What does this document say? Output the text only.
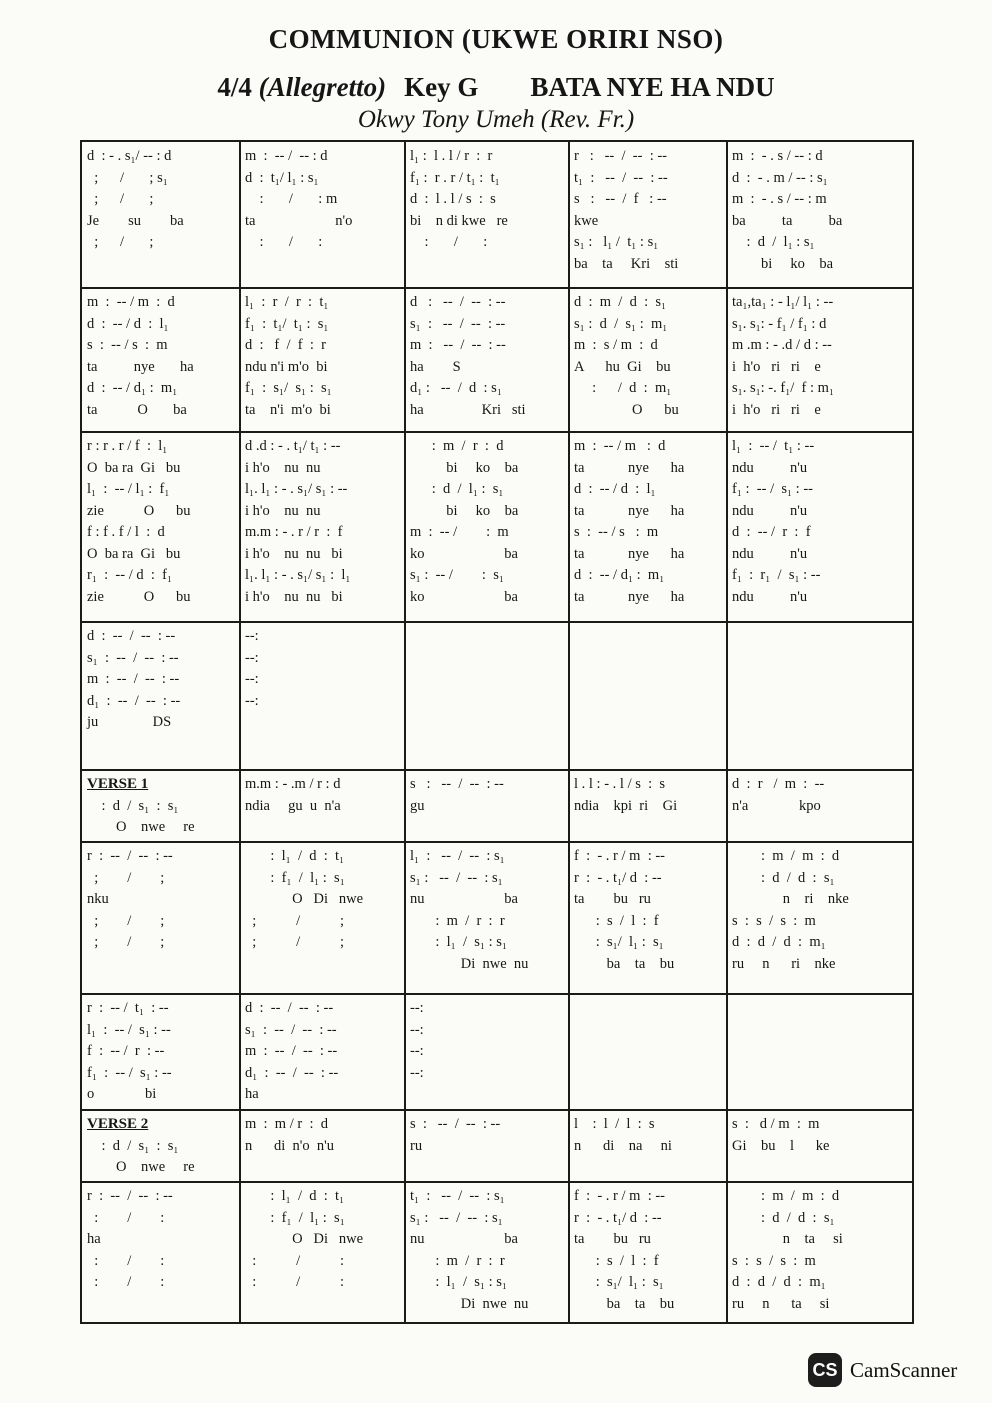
COMMUNION (UKWE ORIRI NSO)
4/4 (Allegretto) Key G BATA NYE HA NDU
Okwy Tony Umeh (Rev. Fr.)
d  : - . s₁/ -- : d
;      /       ; s₁
;      /       ;
Je        su        ba
;      /       ;
m  :  -- /  -- : d
d  :  t₁/ l₁ : s₁
:       /       : m
ta                      n'o
:       /       :
l₁ :  l . l / r  :  r
f₁ :  r . r / t₁ :  t₁
d  :  l . l / s  :  s
bi    n di kwe   re
:       /       :
r   :   --  /  --  : --
t₁  :   --  /  --  : --
s   :   --  /  f   : --
kwe
s₁ :   l₁ /  t₁ : s₁
ba    ta     Kri    sti
m  :  - . s / -- : d
d  :  - . m / -- : s₁
m  :  - . s / -- : m
ba          ta          ba
:  d  /  l₁ : s₁
bi     ko    ba
m  :  -- / m  :  d
d  :  -- / d  :  l₁
s  :  -- / s  :  m
ta          nye       ha
d  :  -- / d₁ :  m₁
ta           O       ba
l₁  :  r  /  r  :  t₁
f₁  :  t₁/  t₁ :  s₁
d  :   f  /  f  :  r
ndu n'i m'o  bi
f₁  :  s₁/  s₁ :  s₁
ta    n'i  m'o  bi
d   :   --  /  --  : --
s₁  :   --  /  --  : --
m  :   --  /  --  : --
ha        S
d₁ :   --  /  d  : s₁
ha                Kri   sti
d  :  m  /  d  :  s₁
s₁ :  d  /  s₁ :  m₁
m  :  s / m  :  d
A      hu  Gi    bu
:      /  d  :  m₁
O      bu
ta₁,ta₁ : - l₁/ l₁ : --
s₁. s₁: - f₁ / f₁ : d
m .m : - .d / d : --
i  h'o   ri   ri    e
s₁. s₁: -. f₁/  f : m₁
i  h'o   ri   ri    e
r : r . r / f  :  l₁
O  ba ra  Gi   bu
l₁  :  -- / l₁ :  f₁
zie           O      bu
f : f . f / l  :  d
O  ba ra  Gi   bu
r₁  :  -- / d  :  f₁
zie           O      bu
d .d : - . t₁/ t₁ : --
i h'o    nu  nu
l₁. l₁ : - . s₁/ s₁ : --
i h'o    nu  nu
m.m : - . r / r  :  f
i h'o    nu  nu   bi
l₁. l₁ : - . s₁/ s₁ :  l₁
i h'o    nu  nu   bi
:  m  /  r  :  d
bi     ko    ba
:  d  /  l₁ :  s₁
bi     ko    ba
m  :  -- /        :  m
ko                      ba
s₁ :  -- /        :  s₁
ko                      ba
m  :  -- / m   :  d
ta            nye      ha
d  :  -- / d  :  l₁
ta            nye      ha
s  :  -- / s   :  m
ta            nye      ha
d  :  -- / d₁ :  m₁
ta            nye      ha
l₁  :  -- /  t₁ : --
ndu          n'u
f₁ :  -- /  s₁ : --
ndu          n'u
d  :  -- /  r  :  f
ndu          n'u
f₁  :  r₁  /  s₁ : --
ndu          n'u
d  :  --  /  --  : --
s₁  :  --  /  --  : --
m  :  --  /  --  : --
d₁  :  --  /  --  : --
ju               DS
--:
--:
--:
--:
VERSE 1
:  d  /  s₁  :  s₁
O    nwe     re
m.m : - .m / r : d
ndia     gu  u  n'a
s   :   --  /  --  : --
gu
l . l : - . l / s  :  s
ndia    kpi  ri    Gi
d  :  r   /  m  :  --
n'a              kpo
r  :  --  /  --  : --
;        /        ;
nku
;        /        ;
;        /        ;
:  l₁  /  d  :  t₁
:  f₁  /  l₁ :  s₁
O   Di   nwe
;           /           ;
;           /           ;
l₁  :   --  /  --  : s₁
s₁ :   --  /  --  : s₁
nu                      ba
:  m  /  r  :  r
:  l₁  /  s₁ : s₁
Di  nwe  nu
f  :  - . r / m  : --
r  :  - . t₁/ d  : --
ta        bu   ru
:  s  /  l  :  f
:  s₁/  l₁ :  s₁
ba    ta    bu
:  m  /  m  :  d
:  d  /  d  :  s₁
n    ri    nke
s  :  s  /  s  :  m
d  :  d  /  d  :  m₁
ru     n      ri    nke
r  :  -- /  t₁  : --
l₁  :  -- /  s₁ : --
f  :  -- /  r  : --
f₁  :  -- /  s₁ : --
o              bi
d  :  --  /  --  : --
s₁  :  --  /  --  : --
m  :  --  /  --  : --
d₁  :  --  /  --  : --
ha
--:
--:
--:
--:
VERSE 2
:  d  /  s₁  :  s₁
O    nwe     re
m  :  m / r  :  d
n      di  n'o  n'u
s  :   --  /  --  : --
ru
l    :  l  /  l  :  s
n      di    na     ni
s  :   d / m  :  m
Gi    bu    l      ke
r  :  --  /  --  : --
:        /        :
ha
:        /        :
:        /        :
:  l₁  /  d  :  t₁
:  f₁  /  l₁ :  s₁
O   Di   nwe
:           /           :
:           /           :
t₁  :   --  /  --  : s₁
s₁ :   --  /  --  : s₁
nu                      ba
:  m  /  r  :  r
:  l₁  /  s₁ : s₁
Di  nwe  nu
f  :  - . r / m  : --
r  :  - . t₁/ d  : --
ta        bu   ru
:  s  /  l  :  f
:  s₁/  l₁ :  s₁
ba    ta    bu
:  m  /  m  :  d
:  d  /  d  :  s₁
n    ta     si
s  :  s  /  s  :  m
d  :  d  /  d  :  m₁
ru     n      ta     si
CS CamScanner
